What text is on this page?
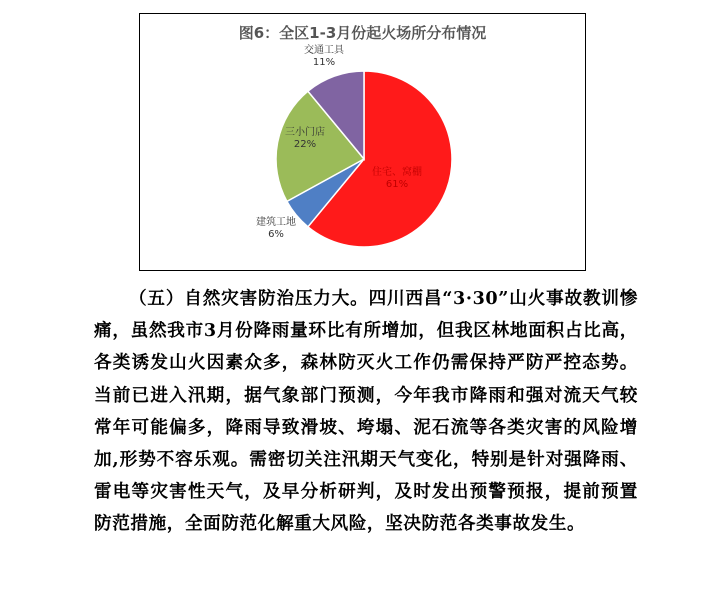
图6：全区1-3月份起火场所分布情况
住宅、窝棚
61%
建筑工地
6%
三小门店
22%
交通工具
11%
（五）自然灾害防治压力大。四川西昌“3·30”山火事故教训惨痛，虽然我市3月份降雨量环比有所增加，但我区林地面积占比高，各类诱发山火因素众多，森林防灭火工作仍需保持严防严控态势。当前已进入汛期，据气象部门预测，今年我市降雨和强对流天气较常年可能偏多，降雨导致滑坡、垮塌、泥石流等各类灾害的风险增加,形势不容乐观。需密切关注汛期天气变化，特别是针对强降雨、雷电等灾害性天气，及早分析研判，及时发出预警预报，提前预置防范措施，全面防范化解重大风险，坚决防范各类事故发生。
